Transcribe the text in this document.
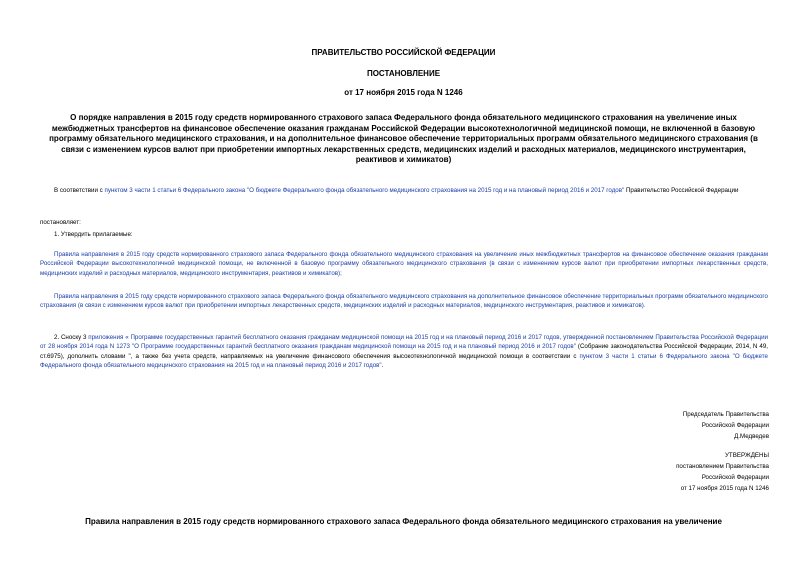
ПРАВИТЕЛЬСТВО РОССИЙСКОЙ ФЕДЕРАЦИИ
ПОСТАНОВЛЕНИЕ
от 17 ноября 2015 года N 1246
О порядке направления в 2015 году средств нормированного страхового запаса Федерального фонда обязательного медицинского страхования на увеличение иных межбюджетных трансфертов на финансовое обеспечение оказания гражданам Российской Федерации высокотехнологичной медицинской помощи, не включенной в базовую программу обязательного медицинского страхования, и на дополнительное финансовое обеспечение территориальных программ обязательного медицинского страхования (в связи с изменением курсов валют при приобретении импортных лекарственных средств, медицинских изделий и расходных материалов, медицинского инструментария, реактивов и химикатов)
В соответствии с пунктом 3 части 1 статьи 6 Федерального закона "О бюджете Федерального фонда обязательного медицинского страхования на 2015 год и на плановый период 2016 и 2017 годов" Правительство Российской Федерации
постановляет:
1. Утвердить прилагаемые:
Правила направления в 2015 году средств нормированного страхового запаса Федерального фонда обязательного медицинского страхования на увеличение иных межбюджетных трансфертов на финансовое обеспечение оказания гражданам Российской Федерации высокотехнологичной медицинской помощи, не включенной в базовую программу обязательного медицинского страхования (в связи с изменением курсов валют при приобретении импортных лекарственных средств, медицинских изделий и расходных материалов, медицинского инструментария, реактивов и химикатов);
Правила направления в 2015 году средств нормированного страхового запаса Федерального фонда обязательного медицинского страхования на дополнительное финансовое обеспечение территориальных программ обязательного медицинского страхования (в связи с изменением курсов валют при приобретении импортных лекарственных средств, медицинских изделий и расходных материалов, медицинского инструментария, реактивов и химикатов).
2. Сноску 3 приложения « Программе государственных гарантий бесплатного оказания гражданам медицинской помощи на 2015 год и на плановый период 2016 и 2017 годов, утвержденной постановлением Правительства Российской Федерации от 28 ноября 2014 года N 1273 "О Программе государственных гарантий бесплатного оказания гражданам медицинской помощи на 2015 год и на плановый период 2016 и 2017 годов" (Собрание законодательства Российской Федерации, 2014, N 49, ст.6975), дополнить словами ", а также без учета средств, направляемых на увеличение финансового обеспечения высокотехнологичной медицинской помощи в соответствии с пунктом 3 части 1 статьи 6 Федерального закона "О бюджете Федерального фонда обязательного медицинского страхования на 2015 год и на плановый период 2016 и 2017 годов".
Председатель Правительства
Российской Федерации
Д.Медведев
УТВЕРЖДЕНЫ
постановлением Правительства
Российской Федерации
от 17 ноября 2015 года N 1246
Правила направления в 2015 году средств нормированного страхового запаса Федерального фонда обязательного медицинского страхования на увеличение
